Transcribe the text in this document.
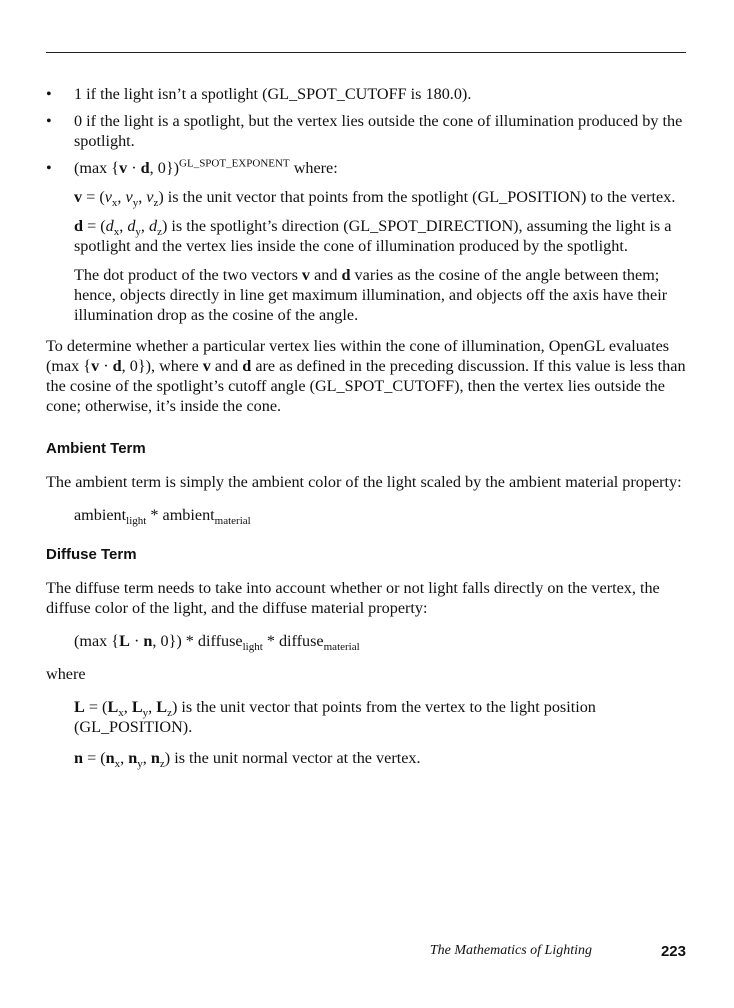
• 1 if the light isn’t a spotlight (GL_SPOT_CUTOFF is 180.0).
• 0 if the light is a spotlight, but the vertex lies outside the cone of illumination produced by the spotlight.
• (max {v · d, 0})$^{GL\_SPOT\_EXPONENT}$ where:

$v = (v_x$, $v_y$, $v_z$) is the unit vector that points from the spotlight (GL_POSITION) to the vertex.

$d = (d_x$, $d_y$, $d_z$) is the spotlight’s direction (GL_SPOT_DIRECTION), assuming the light is a spotlight and the vertex lies inside the cone of illumination produced by the spotlight.

The dot product of the two vectors v and d varies as the cosine of the angle between them; hence, objects directly in line get maximum illumination, and objects off the axis have their illumination drop as the cosine of the angle.

To determine whether a particular vertex lies within the cone of illumination, OpenGL evaluates (max {v · d, 0}), where v and d are as defined in the preceding discussion. If this value is less than the cosine of the spotlight’s cutoff angle (GL_SPOT_CUTOFF), then the vertex lies outside the cone; otherwise, it’s inside the cone.

Ambient Term

The ambient term is simply the ambient color of the light scaled by the ambient material property:

ambient$_{light}$ * ambient$_{material}$
Diffuse Term

The diffuse term needs to take into account whether or not light falls directly on the vertex, the diffuse color of the light, and the diffuse material property:

(max {L · n, 0}) * diffuse$_{light}$ * diffuse$_{material}$
where

$L = (L_x$, $L_y$, $L_z$) is the unit vector that points from the vertex to the light position (GL_POSITION).

$n = (n_x$, $n_y$, $n_z$) is the unit normal vector at the vertex.

The Mathematics of Lighting	223
